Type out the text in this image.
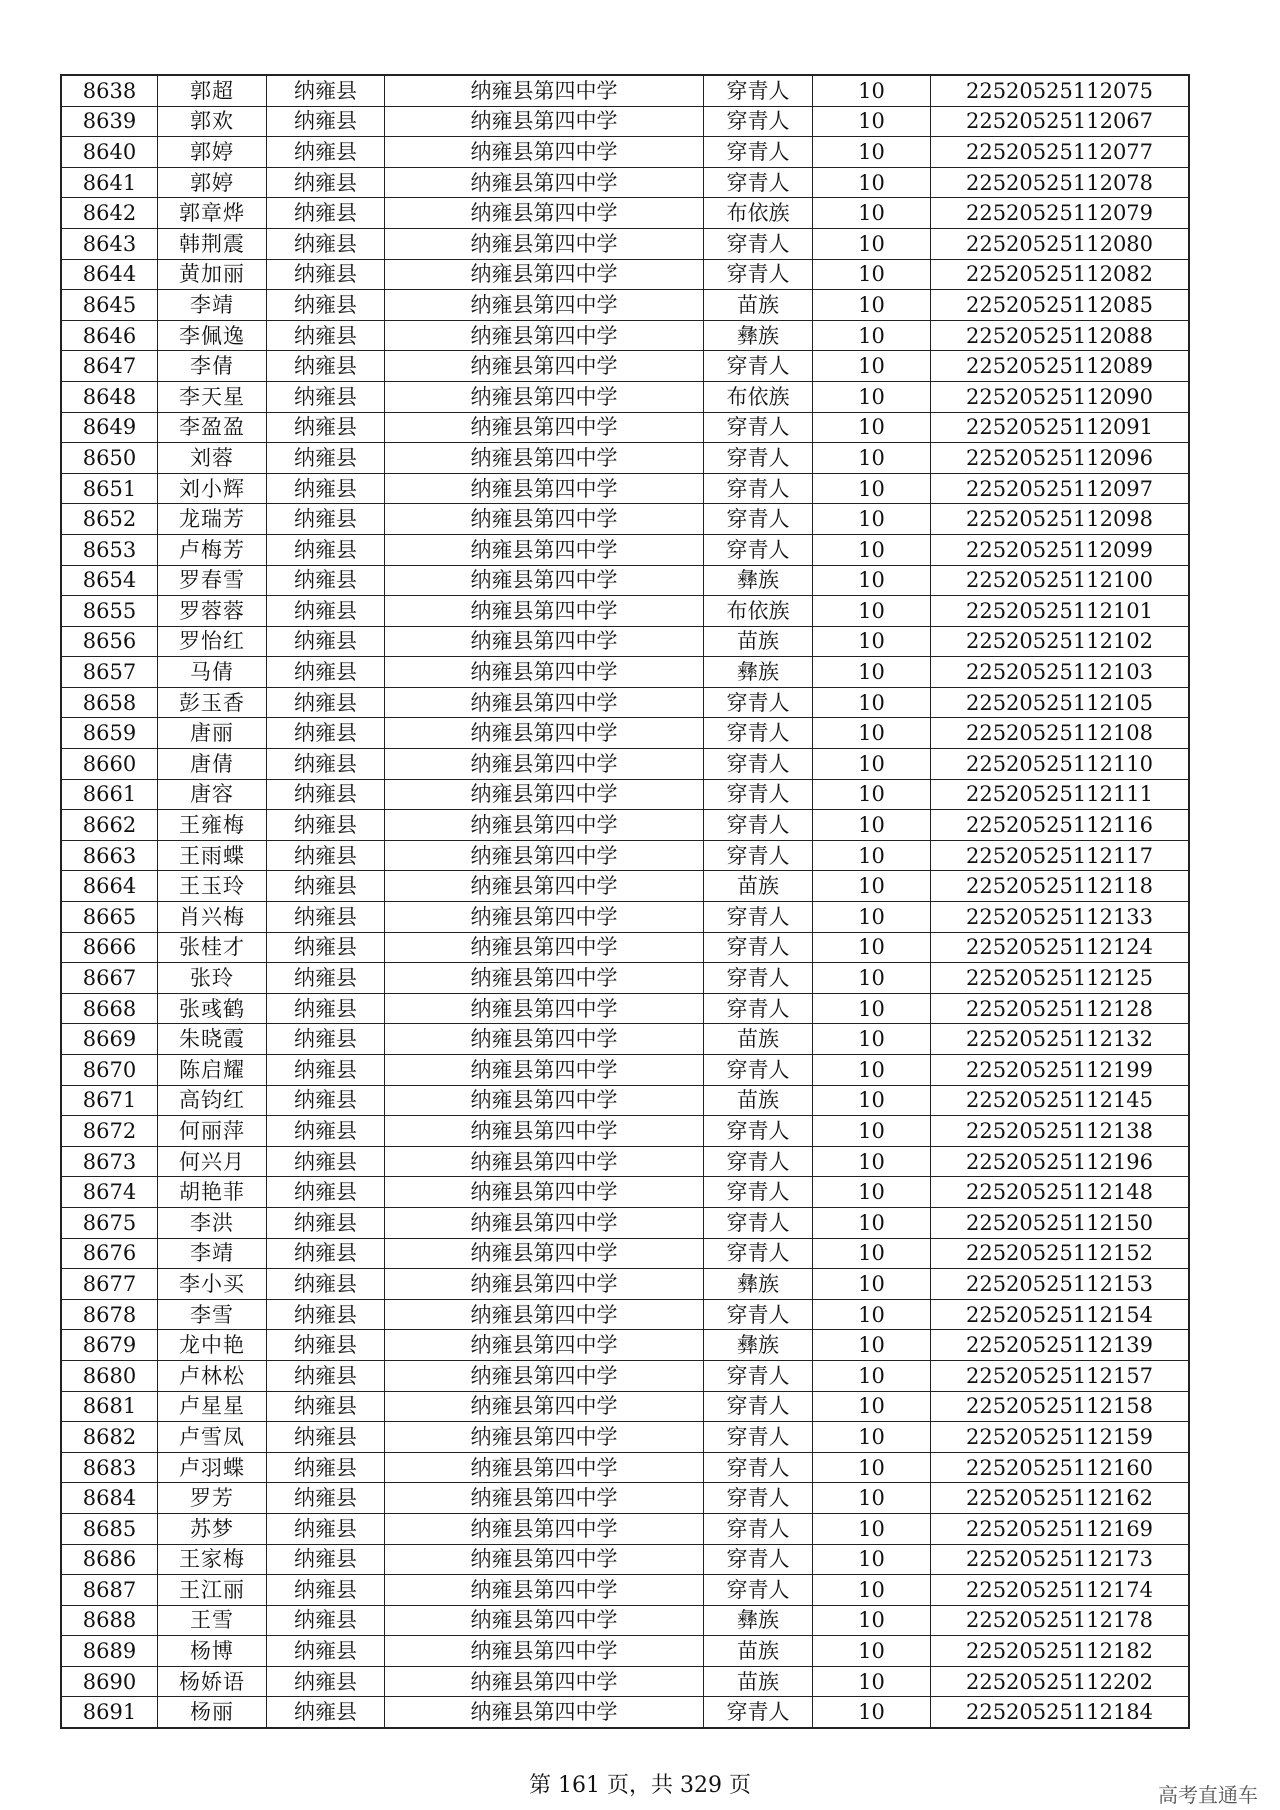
8638	郭超	纳雍县	纳雍县第四中学	穿青人	10	22520525112075
8639	郭欢	纳雍县	纳雍县第四中学	穿青人	10	22520525112067
8640	郭婷	纳雍县	纳雍县第四中学	穿青人	10	22520525112077
8641	郭婷	纳雍县	纳雍县第四中学	穿青人	10	22520525112078
8642	郭章烨	纳雍县	纳雍县第四中学	布依族	10	22520525112079
8643	韩荆震	纳雍县	纳雍县第四中学	穿青人	10	22520525112080
8644	黄加丽	纳雍县	纳雍县第四中学	穿青人	10	22520525112082
8645	李靖	纳雍县	纳雍县第四中学	苗族	10	22520525112085
8646	李佩逸	纳雍县	纳雍县第四中学	彝族	10	22520525112088
8647	李倩	纳雍县	纳雍县第四中学	穿青人	10	22520525112089
8648	李天星	纳雍县	纳雍县第四中学	布依族	10	22520525112090
8649	李盈盈	纳雍县	纳雍县第四中学	穿青人	10	22520525112091
8650	刘蓉	纳雍县	纳雍县第四中学	穿青人	10	22520525112096
8651	刘小辉	纳雍县	纳雍县第四中学	穿青人	10	22520525112097
8652	龙瑞芳	纳雍县	纳雍县第四中学	穿青人	10	22520525112098
8653	卢梅芳	纳雍县	纳雍县第四中学	穿青人	10	22520525112099
8654	罗春雪	纳雍县	纳雍县第四中学	彝族	10	22520525112100
8655	罗蓉蓉	纳雍县	纳雍县第四中学	布依族	10	22520525112101
8656	罗怡红	纳雍县	纳雍县第四中学	苗族	10	22520525112102
8657	马倩	纳雍县	纳雍县第四中学	彝族	10	22520525112103
8658	彭玉香	纳雍县	纳雍县第四中学	穿青人	10	22520525112105
8659	唐丽	纳雍县	纳雍县第四中学	穿青人	10	22520525112108
8660	唐倩	纳雍县	纳雍县第四中学	穿青人	10	22520525112110
8661	唐容	纳雍县	纳雍县第四中学	穿青人	10	22520525112111
8662	王雍梅	纳雍县	纳雍县第四中学	穿青人	10	22520525112116
8663	王雨蝶	纳雍县	纳雍县第四中学	穿青人	10	22520525112117
8664	王玉玲	纳雍县	纳雍县第四中学	苗族	10	22520525112118
8665	肖兴梅	纳雍县	纳雍县第四中学	穿青人	10	22520525112133
8666	张桂才	纳雍县	纳雍县第四中学	穿青人	10	22520525112124
8667	张玲	纳雍县	纳雍县第四中学	穿青人	10	22520525112125
8668	张彧鹤	纳雍县	纳雍县第四中学	穿青人	10	22520525112128
8669	朱晓霞	纳雍县	纳雍县第四中学	苗族	10	22520525112132
8670	陈启耀	纳雍县	纳雍县第四中学	穿青人	10	22520525112199
8671	高钧红	纳雍县	纳雍县第四中学	苗族	10	22520525112145
8672	何丽萍	纳雍县	纳雍县第四中学	穿青人	10	22520525112138
8673	何兴月	纳雍县	纳雍县第四中学	穿青人	10	22520525112196
8674	胡艳菲	纳雍县	纳雍县第四中学	穿青人	10	22520525112148
8675	李洪	纳雍县	纳雍县第四中学	穿青人	10	22520525112150
8676	李靖	纳雍县	纳雍县第四中学	穿青人	10	22520525112152
8677	李小买	纳雍县	纳雍县第四中学	彝族	10	22520525112153
8678	李雪	纳雍县	纳雍县第四中学	穿青人	10	22520525112154
8679	龙中艳	纳雍县	纳雍县第四中学	彝族	10	22520525112139
8680	卢林松	纳雍县	纳雍县第四中学	穿青人	10	22520525112157
8681	卢星星	纳雍县	纳雍县第四中学	穿青人	10	22520525112158
8682	卢雪凤	纳雍县	纳雍县第四中学	穿青人	10	22520525112159
8683	卢羽蝶	纳雍县	纳雍县第四中学	穿青人	10	22520525112160
8684	罗芳	纳雍县	纳雍县第四中学	穿青人	10	22520525112162
8685	苏梦	纳雍县	纳雍县第四中学	穿青人	10	22520525112169
8686	王家梅	纳雍县	纳雍县第四中学	穿青人	10	22520525112173
8687	王江丽	纳雍县	纳雍县第四中学	穿青人	10	22520525112174
8688	王雪	纳雍县	纳雍县第四中学	彝族	10	22520525112178
8689	杨博	纳雍县	纳雍县第四中学	苗族	10	22520525112182
8690	杨娇语	纳雍县	纳雍县第四中学	苗族	10	22520525112202
8691	杨丽	纳雍县	纳雍县第四中学	穿青人	10	22520525112184
第 161 页，共 329 页	高考直通车
